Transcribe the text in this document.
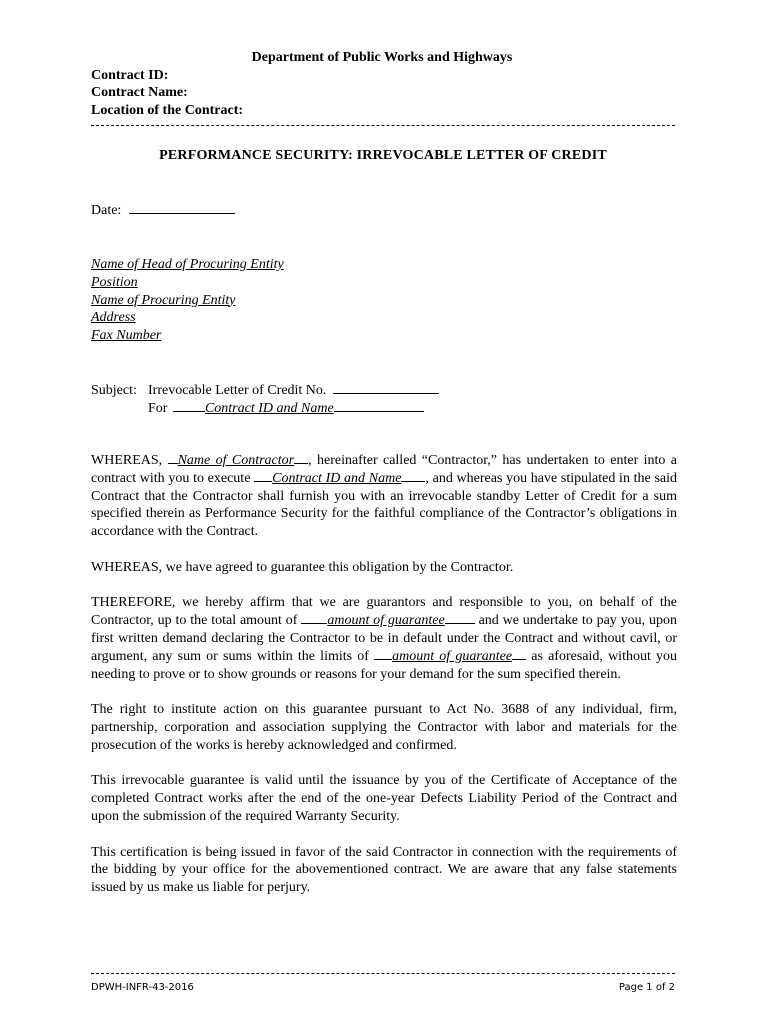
Department of Public Works and Highways
Contract ID:
Contract Name:
Location of the Contract:
PERFORMANCE SECURITY: IRREVOCABLE LETTER OF CREDIT
Date:
Name of Head of Procuring Entity
Position
Name of Procuring Entity
Address
Fax Number
Subject: Irrevocable Letter of Credit No.
For	Contract ID and Name

WHEREAS, Name of Contractor , hereinafter called “Contractor,” has undertaken to enter into a contract with you to execute Contract ID and Name , and whereas you have stipulated in the said Contract that the Contractor shall furnish you with an irrevocable standby Letter of Credit for a sum specified therein as Performance Security for the faithful compliance of the Contractor’s obligations in accordance with the Contract.

WHEREAS, we have agreed to guarantee this obligation by the Contractor.

THEREFORE, we hereby affirm that we are guarantors and responsible to you, on behalf of the Contractor, up to the total amount of amount of guarantee and we undertake to pay you, upon first written demand declaring the Contractor to be in default under the Contract and without cavil, or argument, any sum or sums within the limits of amount of guarantee as aforesaid, without you needing to prove or to show grounds or reasons for your demand for the sum specified therein.

The right to institute action on this guarantee pursuant to Act No. 3688 of any individual, firm, partnership, corporation and association supplying the Contractor with labor and materials for the prosecution of the works is hereby acknowledged and confirmed.

This irrevocable guarantee is valid until the issuance by you of the Certificate of Acceptance of the completed Contract works after the end of the one-year Defects Liability Period of the Contract and upon the submission of the required Warranty Security.

This certification is being issued in favor of the said Contractor in connection with the requirements of the bidding by your office for the abovementioned contract. We are aware that any false statements issued by us make us liable for perjury.

DPWH-INFR-43-2016	Page 1 of 2
